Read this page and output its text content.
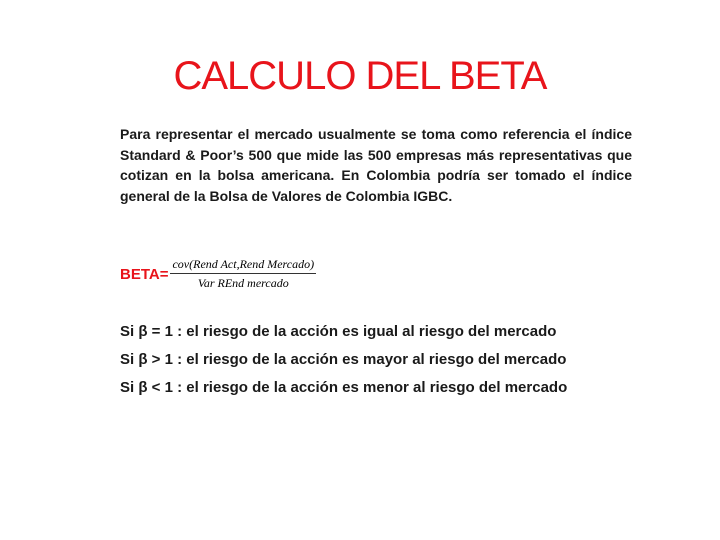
CALCULO DEL BETA

Para representar el mercado usualmente se toma como referencia el índice Standard & Poor’s 500 que mide las 500 empresas más representativas que cotizan en la bolsa americana. En Colombia podría ser tomado el índice general de la Bolsa de Valores de Colombia IGBC.

BETA= $\frac{\text{cov(Rend Act,Rend Mercado)}}{\text{Var REnd mercado}}$
Si β = 1 : el riesgo de la acción es igual al riesgo del mercado
Si β > 1 : el riesgo de la acción es mayor al riesgo del mercado
Si β < 1 : el riesgo de la acción es menor al riesgo del mercado
